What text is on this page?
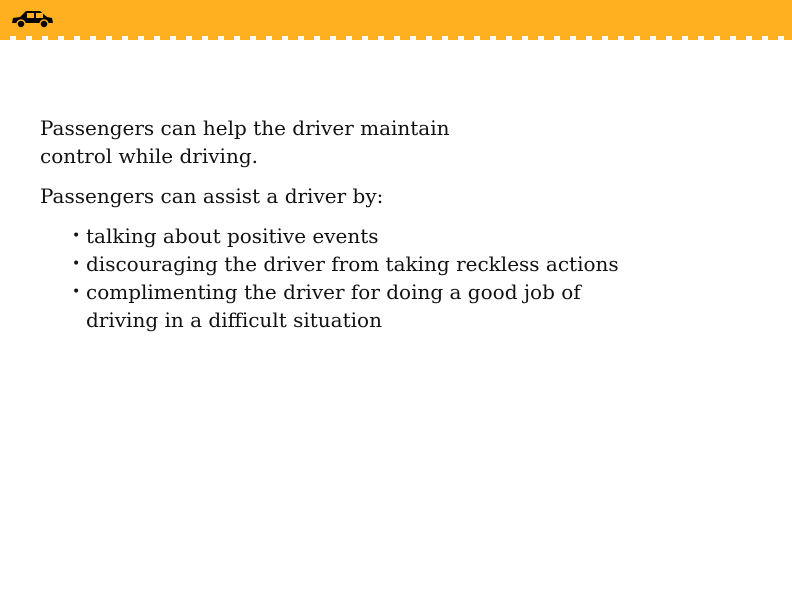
Passengers can help the driver maintain control while driving.

Passengers can assist a driver by:

• talking about positive events
• discouraging the driver from taking reckless actions
• complimenting the driver for doing a good job of driving in a difficult situation
